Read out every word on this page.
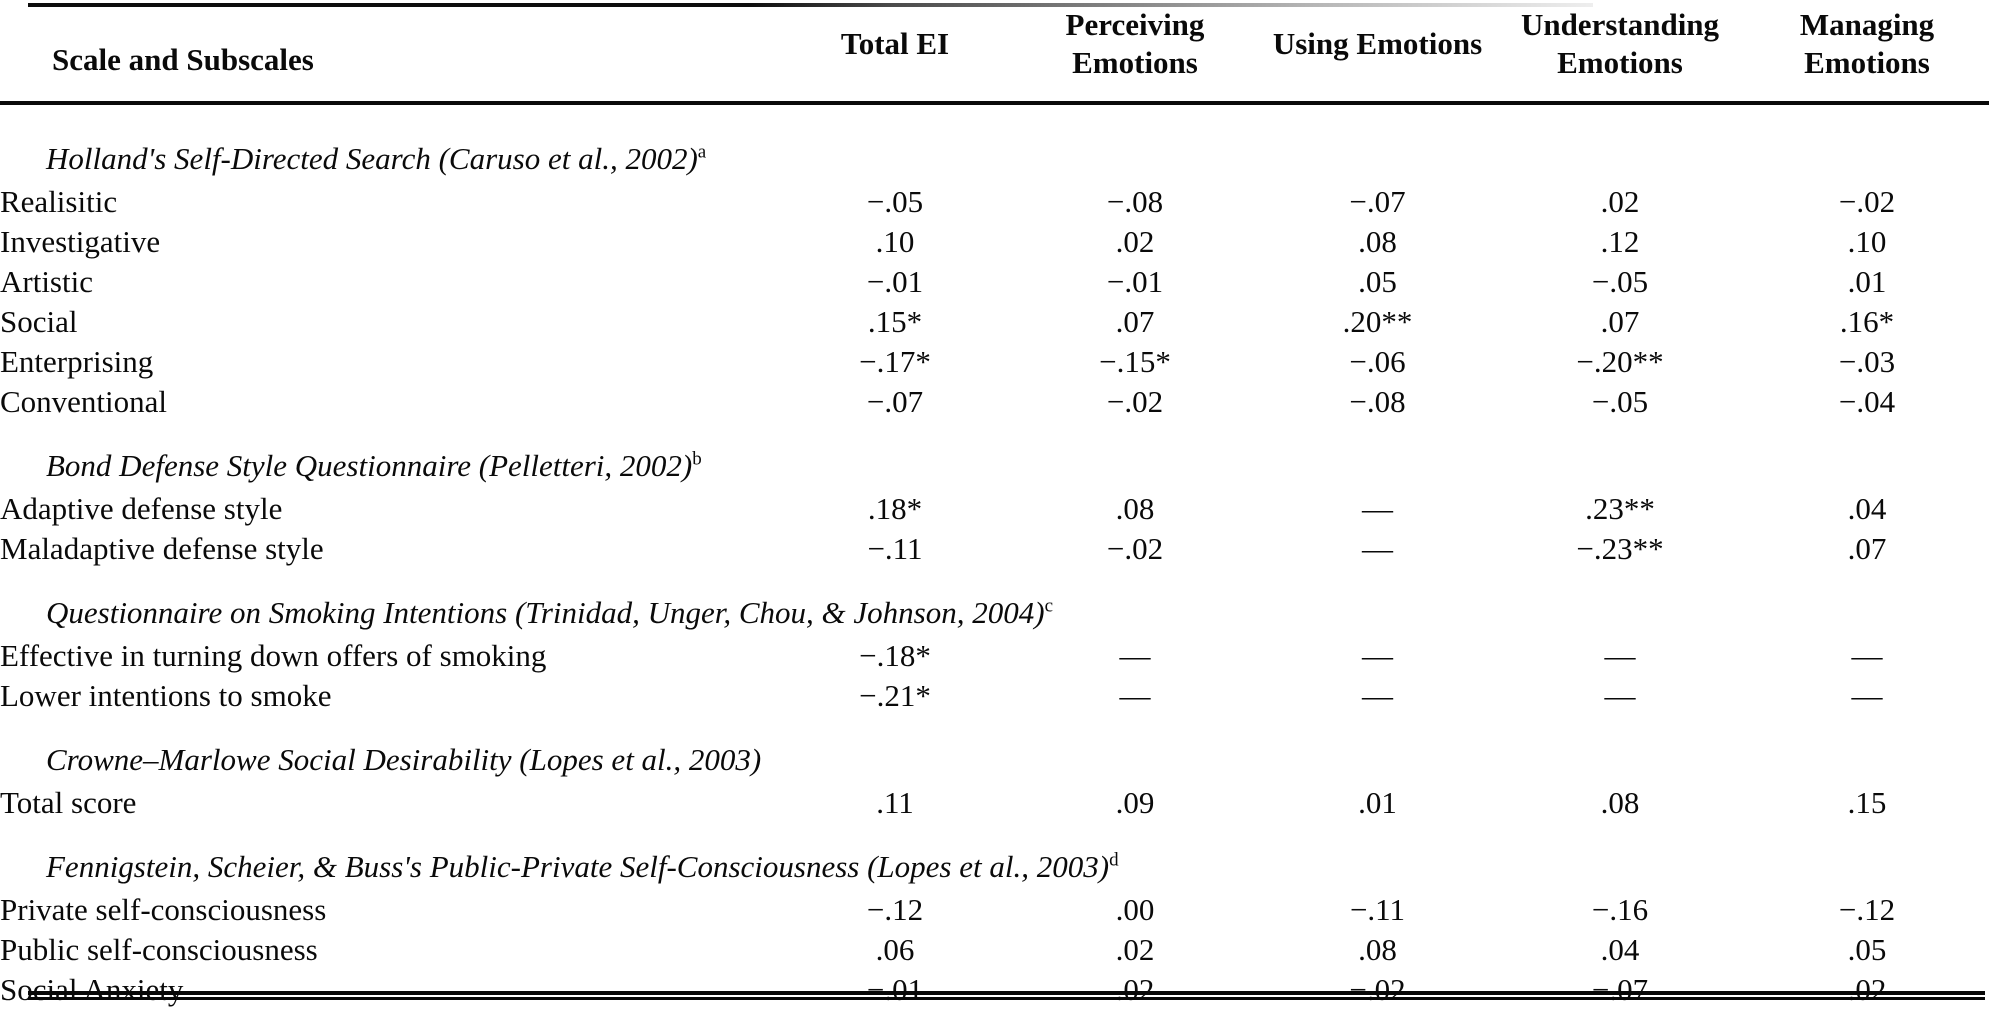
Scale and Subscales	Total EI	Perceiving Emotions	Using Emotions	Understanding Emotions	Managing Emotions
Holland's Self-Directed Search (Caruso et al., 2002)$^a$
Realisitic	−.05	−.08	−.07	.02	−.02
Investigative	.10	.02	.08	.12	.10
Artistic	−.01	−.01	.05	−.05	.01
Social	.15*	.07	.20**	.07	.16*
Enterprising	−.17*	−.15*	−.06	−.20**	−.03
Conventional	−.07	−.02	−.08	−.05	−.04
Bond Defense Style Questionnaire (Pelletteri, 2002)$^b$
Adaptive defense style	.18*	.08	—	.23**	.04
Maladaptive defense style	−.11	−.02	—	−.23**	.07
Questionnaire on Smoking Intentions (Trinidad, Unger, Chou, & Johnson, 2004)$^c$
Effective in turning down offers of smoking	−.18*	—	—	—	—
Lower intentions to smoke	−.21*	—	—	—	—
Crowne–Marlowe Social Desirability (Lopes et al., 2003)					
Total score	.11	.09	.01	.08	.15
Fennigstein, Scheier, & Buss's Public-Private Self-Consciousness (Lopes et al., 2003)$^d$
Private self-consciousness	−.12	.00	−.11	−.16	−.12
Public self-consciousness	.06	.02	.08	.04	.05
Social Anxiety	−.01	.02	−.02	−.07	.02
